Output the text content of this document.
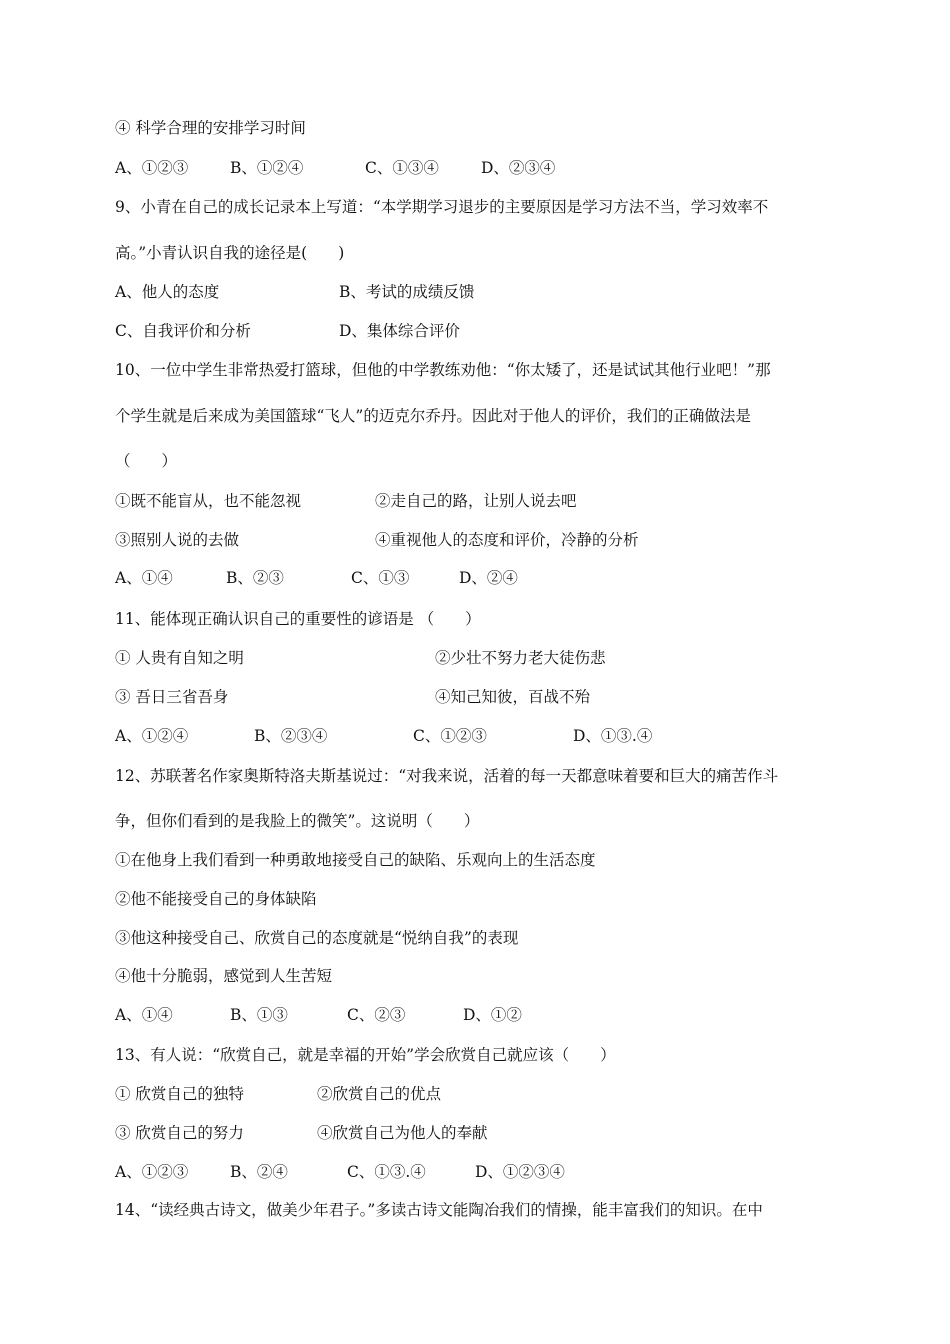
④ 科学合理的安排学习时间
A、①②③	B、①②④	C、①③④	D、②③④
9、小青在自己的成长记录本上写道：“本学期学习退步的主要原因是学习方法不当，学习效率不
高。”小青认识自我的途径是(　　)
A、他人的态度	B、考试的成绩反馈
C、自我评价和分析	D、集体综合评价
10、一位中学生非常热爱打篮球，但他的中学教练劝他：“你太矮了，还是试试其他行业吧！”那
个学生就是后来成为美国篮球“飞人”的迈克尔乔丹。因此对于他人的评价，我们的正确做法是
（　　）
①既不能盲从，也不能忽视	②走自己的路，让别人说去吧
③照别人说的去做	④重视他人的态度和评价，冷静的分析
A、①④	B、②③	C、①③	D、②④
11、能体现正确认识自己的重要性的谚语是 （　　）
① 人贵有自知之明	②少壮不努力老大徒伤悲
③ 吾日三省吾身	④知己知彼，百战不殆
A、①②④	B、②③④	C、①②③	D、①③.④
12、苏联著名作家奥斯特洛夫斯基说过：“对我来说，活着的每一天都意味着要和巨大的痛苦作斗
争，但你们看到的是我脸上的微笑”。这说明（　　）
①在他身上我们看到一种勇敢地接受自己的缺陷、乐观向上的生活态度
②他不能接受自己的身体缺陷
③他这种接受自己、欣赏自己的态度就是“悦纳自我”的表现
④他十分脆弱，感觉到人生苦短
A、①④	B、①③	C、②③	D、①②
13、有人说：“欣赏自己，就是幸福的开始”学会欣赏自己就应该（　　）
① 欣赏自己的独特	②欣赏自己的优点
③ 欣赏自己的努力	④欣赏自己为他人的奉献
A、①②③	B、②④	C、①③.④	D、①②③④
14、“读经典古诗文，做美少年君子。”多读古诗文能陶冶我们的情操，能丰富我们的知识。在中
